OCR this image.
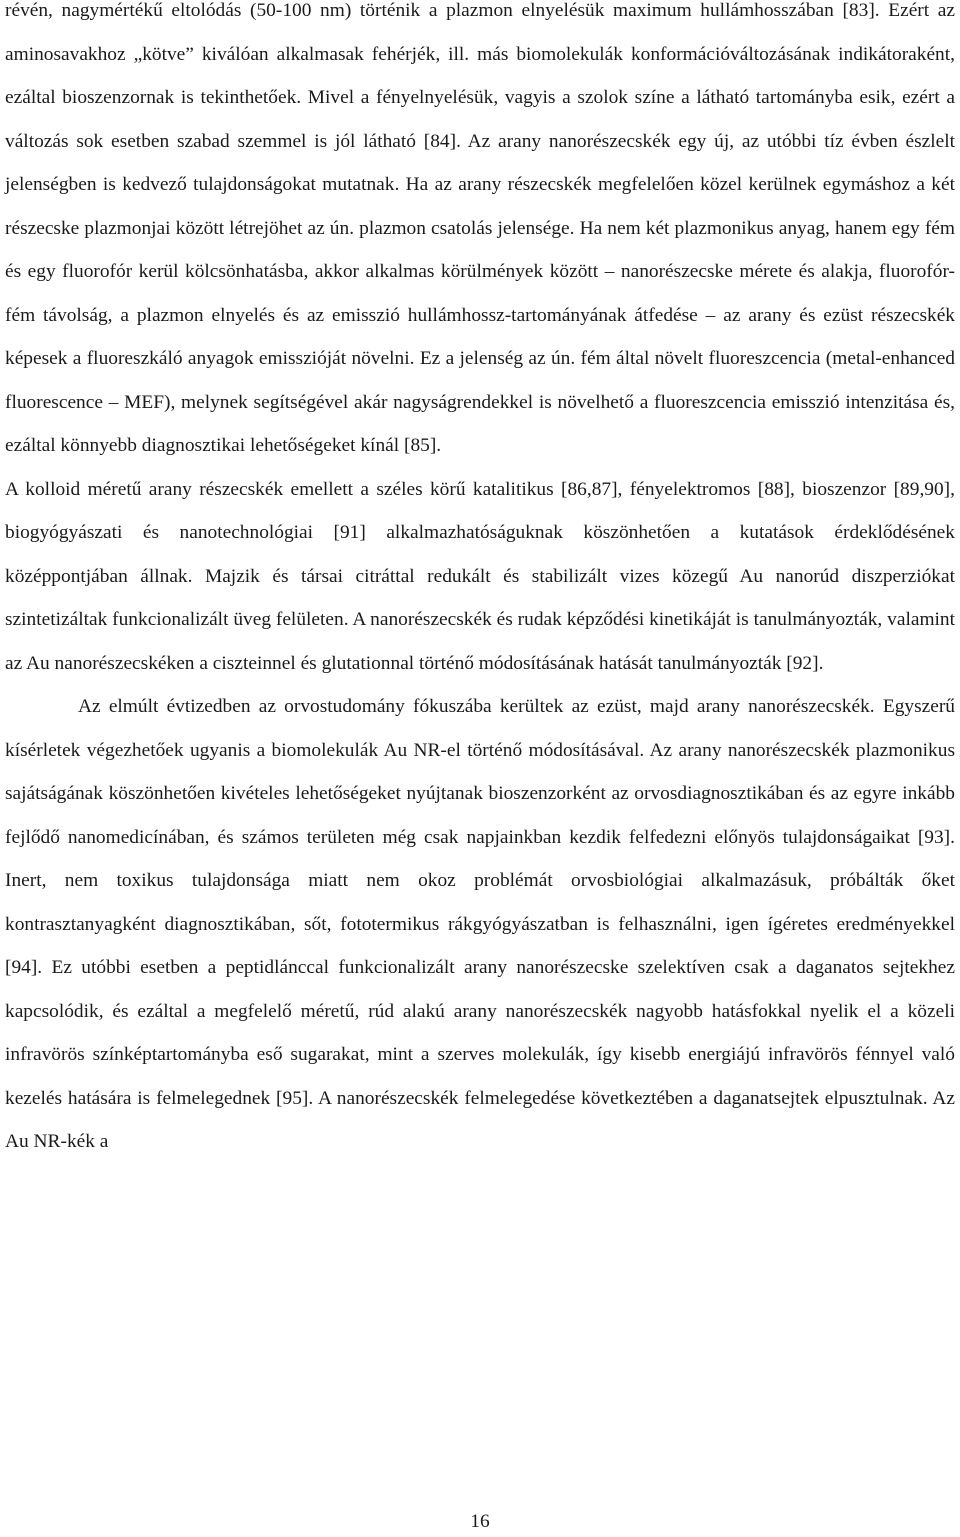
révén, nagymértékű eltolódás (50-100 nm) történik a plazmon elnyelésük maximum hullámhosszában [83]. Ezért az aminosavakhoz „kötve” kiválóan alkalmasak fehérjék, ill. más biomolekulák konformációváltozásának indikátoraként, ezáltal bioszenzornak is tekinthetőek. Mivel a fényelnyelésük, vagyis a szolok színe a látható tartományba esik, ezért a változás sok esetben szabad szemmel is jól látható [84]. Az arany nanorészecskék egy új, az utóbbi tíz évben észlelt jelenségben is kedvező tulajdonságokat mutatnak. Ha az arany részecskék megfelelően közel kerülnek egymáshoz a két részecske plazmonjai között létrejöhet az ún. plazmon csatolás jelensége. Ha nem két plazmonikus anyag, hanem egy fém és egy fluorofór kerül kölcsönhatásba, akkor alkalmas körülmények között – nanorészecske mérete és alakja, fluorofór-fém távolság, a plazmon elnyelés és az emisszió hullámhossz-tartományának átfedése – az arany és ezüst részecskék képesek a fluoreszkáló anyagok emisszióját növelni. Ez a jelenség az ún. fém által növelt fluoreszcencia (metal-enhanced fluorescence – MEF), melynek segítségével akár nagyságrendekkel is növelhető a fluoreszcencia emisszió intenzitása és, ezáltal könnyebb diagnosztikai lehetőségeket kínál [85].

A kolloid méretű arany részecskék emellett a széles körű katalitikus [86,87], fényelektromos [88], bioszenzor [89,90], biogyógyászati és nanotechnológiai [91] alkalmazhatóságuknak köszönhetően a kutatások érdeklődésének középpontjában állnak. Majzik és társai citráttal redukált és stabilizált vizes közegű Au nanorúd diszperziókat szintetizáltak funkcionalizált üveg felületen. A nanorészecskék és rudak képződési kinetikáját is tanulmányozták, valamint az Au nanorészecskéken a ciszteinnel és glutationnal történő módosításának hatását tanulmányozták [92].

Az elmúlt évtizedben az orvostudomány fókuszába kerültek az ezüst, majd arany nanorészecskék. Egyszerű kísérletek végezhetőek ugyanis a biomolekulák Au NR-el történő módosításával. Az arany nanorészecskék plazmonikus sajátságának köszönhetően kivételes lehetőségeket nyújtanak bioszenzorként az orvosdiagnosztikában és az egyre inkább fejlődő nanomedicínában, és számos területen még csak napjainkban kezdik felfedezni előnyös tulajdonságaikat [93]. Inert, nem toxikus tulajdonsága miatt nem okoz problémát orvosbiológiai alkalmazásuk, próbálták őket kontrasztanyagként diagnosztikában, sőt, fototermikus rákgyógyászatban is felhasználni, igen ígéretes eredményekkel [94]. Ez utóbbi esetben a peptidlánccal funkcionalizált arany nanorészecske szelektíven csak a daganatos sejtekhez kapcsolódik, és ezáltal a megfelelő méretű, rúd alakú arany nanorészecskék nagyobb hatásfokkal nyelik el a közeli infravörös színképtartományba eső sugarakat, mint a szerves molekulák, így kisebb energiájú infravörös fénnyel való kezelés hatására is felmelegednek [95]. A nanorészecskék felmelegedése következtében a daganatsejtek elpusztulnak. Az Au NR-kék a

16
